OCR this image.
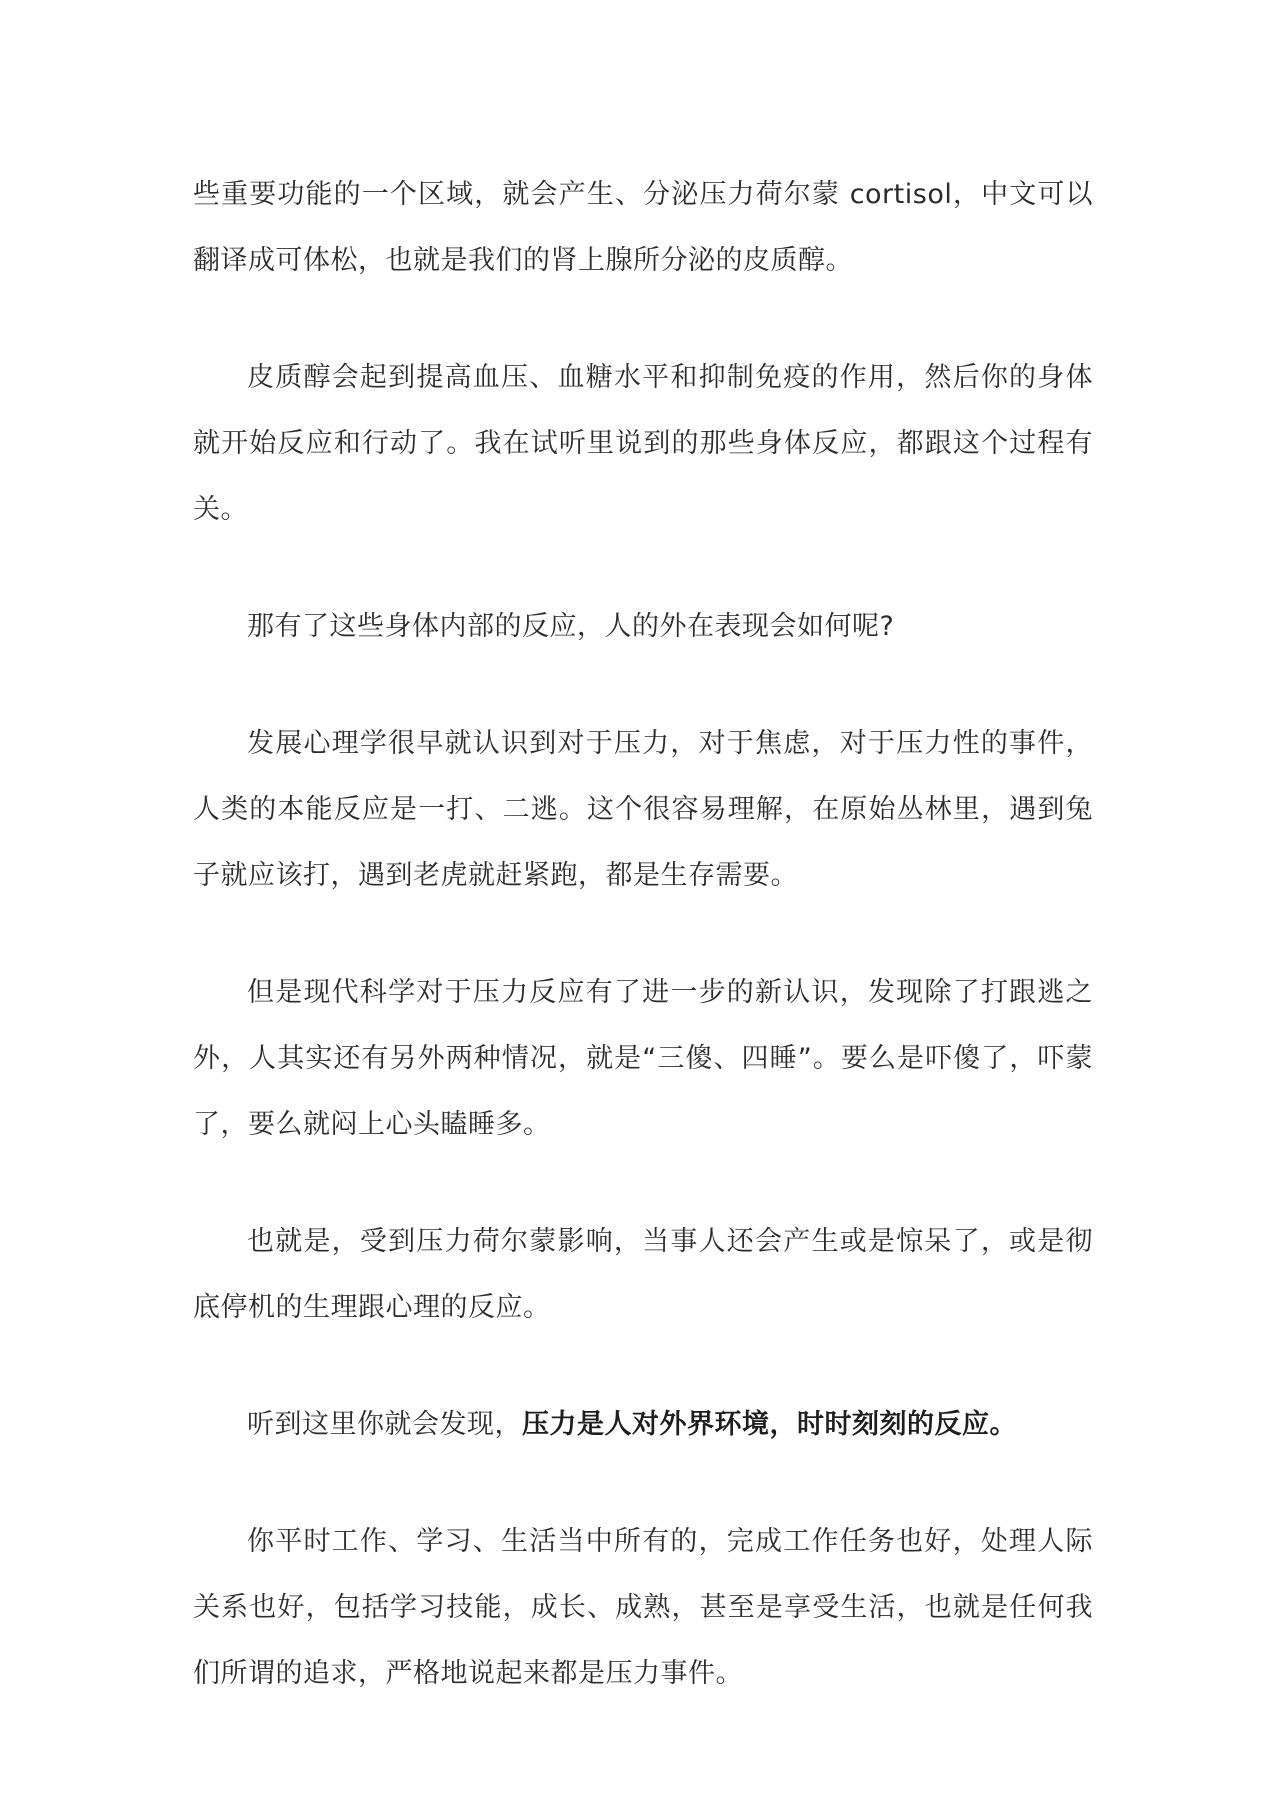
些重要功能的一个区域，就会产生、分泌压力荷尔蒙 cortisol，中文可以翻译成可体松，也就是我们的肾上腺所分泌的皮质醇。

皮质醇会起到提高血压、血糖水平和抑制免疫的作用，然后你的身体就开始反应和行动了。我在试听里说到的那些身体反应，都跟这个过程有关。

那有了这些身体内部的反应，人的外在表现会如何呢?

发展心理学很早就认识到对于压力，对于焦虑，对于压力性的事件，人类的本能反应是一打、二逃。这个很容易理解，在原始丛林里，遇到兔子就应该打，遇到老虎就赶紧跑，都是生存需要。

但是现代科学对于压力反应有了进一步的新认识，发现除了打跟逃之外，人其实还有另外两种情况，就是“三傻、四睡”。要么是吓傻了，吓蒙了，要么就闷上心头瞌睡多。

也就是，受到压力荷尔蒙影响，当事人还会产生或是惊呆了，或是彻底停机的生理跟心理的反应。

听到这里你就会发现，压力是人对外界环境，时时刻刻的反应。

你平时工作、学习、生活当中所有的，完成工作任务也好，处理人际关系也好，包括学习技能，成长、成熟，甚至是享受生活，也就是任何我们所谓的追求，严格地说起来都是压力事件。
